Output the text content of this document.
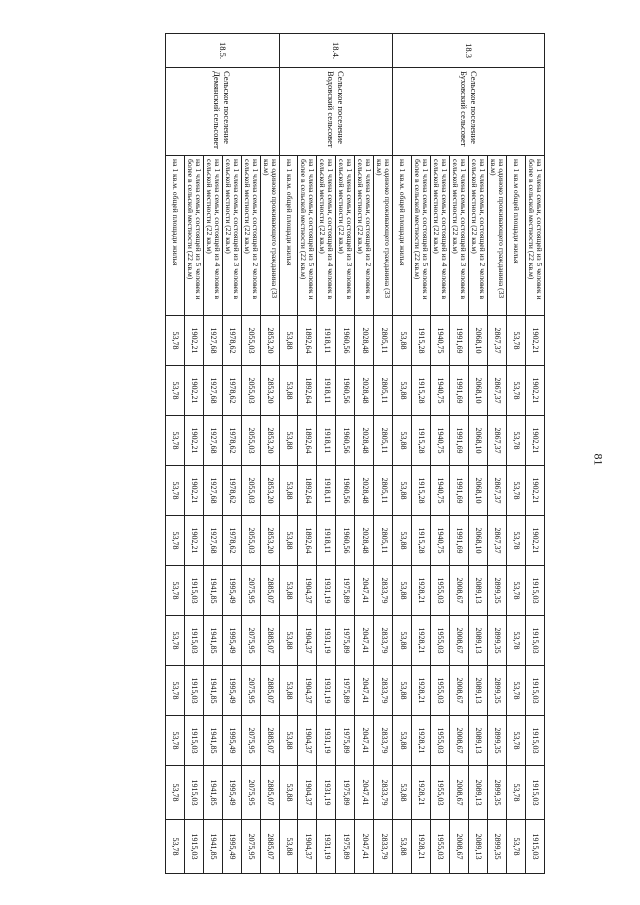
81
18.3	Сельское поселение Буховский сельсовет	на 1 члена семьи, состоящей из 5 человек и более в сельской местности (22 кв.м)	1902,21	1902,21	1902,21	1902,21	1902,21	1915,03	1915,03	1915,03	1915,03	1915,03	1915,03
		на 1 кв.м общей площади жилья	53,78	53,78	53,78	53,78	53,78	53,78	53,78	53,78	53,78	53,78	53,78
		на одиноко проживающего гражданина (33 кв.м)	2867,37	2867,37	2867,37	2867,37	2867,37	2899,35	2899,35	2899,35	2899,35	2899,35	2899,35
		на 1 члена семьи, состоящей из 2 человек в сельской местности (22 кв.м)	2068,10	2068,10	2068,10	2068,10	2068,10	2089,13	2089,13	2089,13	2089,13	2089,13	2089,13
		на 1 члена семьи, состоящей из 3 человек в сельской местности (22 кв.м)	1991,69	1991,69	1991,69	1991,69	1991,69	2008,67	2008,67	2008,67	2008,67	2008,67	2008,67
		на 1 члена семьи, состоящей из 4 человек в сельской местности (22 кв.м)	1940,75	1940,75	1940,75	1940,75	1940,75	1955,03	1955,03	1955,03	1955,03	1955,03	1955,03
		на 1 члена семьи, состоящей из 5 человек и более в сельской местности (22 кв.м)	1915,28	1915,28	1915,28	1915,28	1915,28	1928,21	1928,21	1928,21	1928,21	1928,21	1928,21
		на 1 кв.м. общей площади жилья	53,88	53,88	53,88	53,88	53,88	53,88	53,88	53,88	53,88	53,88	53,88
18.4.	Сельское поселение Водовский сельсовет	на одиноко проживающего гражданина (33 кв.м)	2805,11	2805,11	2805,11	2805,11	2805,11	2833,79	2833,79	2833,79	2833,79	2833,79	2833,79
		на 1 члена семьи, состоящей из 2 человек в сельской местности (22 кв.м)	2028,48	2028,48	2028,48	2028,48	2028,48	2047,41	2047,41	2047,41	2047,41	2047,41	2047,41
		на 1 члена семьи, состоящей из 3 человек в сельской местности (22 кв.м)	1960,56	1960,56	1960,56	1960,56	1960,56	1975,89	1975,89	1975,89	1975,89	1975,89	1975,89
		на 1 члена семьи, состоящей из 4 человек в сельской местности (22 кв.м)	1918,11	1918,11	1918,11	1918,11	1918,11	1931,19	1931,19	1931,19	1931,19	1931,19	1931,19
		на 1 члена семьи, состоящей из 5 человек и более в сельской местности (22 кв.м)	1892,64	1892,64	1892,64	1892,64	1892,64	1904,37	1904,37	1904,37	1904,37	1904,37	1904,37
		на 1 кв.м. общей площади жилья	53,88	53,88	53,88	53,88	53,88	53,88	53,88	53,88	53,88	53,88	53,88
18.5.	Сельское поселение Демянский сельсовет	на одиноко проживающего гражданина (33 кв.м)	2853,20	2853,20	2853,20	2853,20	2853,20	2885,07	2885,07	2885,07	2885,07	2885,07	2885,07
		на 1 члена семьи, состоящей из 2 человек в сельской местности (22 кв.м)	2055,03	2055,03	2055,03	2055,03	2055,03	2075,95	2075,95	2075,95	2075,95	2075,95	2075,95
		на 1 члена семьи, состоящей из 3 человек в сельской местности (22 кв.м)	1978,62	1978,62	1978,62	1978,62	1978,62	1995,49	1995,49	1995,49	1995,49	1995,49	1995,49
		на 1 члена семьи, состоящей из 4 человек в сельской местности (22 кв.м)	1927,68	1927,68	1927,68	1927,68	1927,68	1941,85	1941,85	1941,85	1941,85	1941,85	1941,85
		на 1 члена семьи, состоящей из 5 человек и более в сельской местности (22 кв.м)	1902,21	1902,21	1902,21	1902,21	1902,21	1915,03	1915,03	1915,03	1915,03	1915,03	1915,03
		на 1 кв.м. общей площади жилья	53,78	53,78	53,78	53,78	53,78	53,78	53,78	53,78	53,78	53,78	53,78
